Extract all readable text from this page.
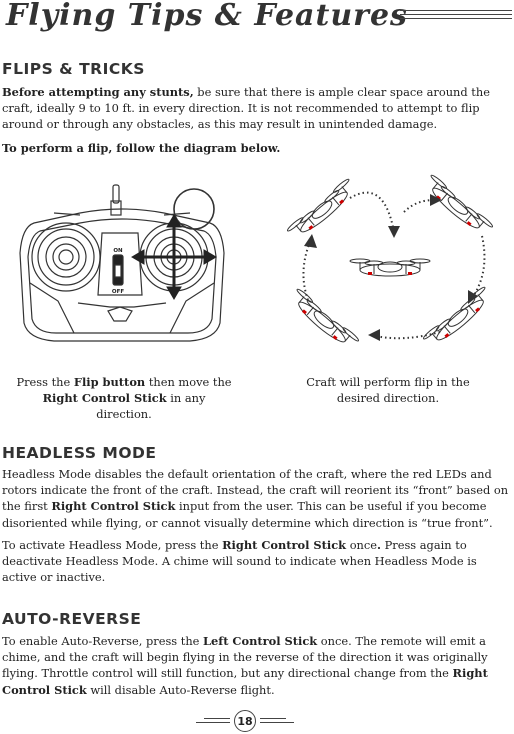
Flying Tips & Features
FLIPS & TRICKS
Before attempting any stunts, be sure that there is ample clear space around the craft, ideally 9 to 10 ft. in every direction. It is not recommended to attempt to flip around or through any obstacles, as this may result in unintended damage.
To perform a flip, follow the diagram below.
ON
OFF
Press the Flip button then move the Right Control Stick in any direction.
Craft will perform flip in the desired direction.
HEADLESS MODE
Headless Mode disables the default orientation of the craft, where the red LEDs and rotors indicate the front of the craft. Instead, the craft will reorient its “front” based on the first Right Control Stick input from the user. This can be useful if you become disoriented while flying, or cannot visually determine which direction is “true front”.
To activate Headless Mode, press the Right Control Stick once. Press again to deactivate Headless Mode. A chime will sound to indicate when Headless Mode is active or inactive.
AUTO-REVERSE
To enable Auto-Reverse, press the Left Control Stick once. The remote will emit a chime, and the craft will begin flying in the reverse of the direction it was originally flying. Throttle control will still function, but any directional change from the Right Control Stick will disable Auto-Reverse flight.
18
